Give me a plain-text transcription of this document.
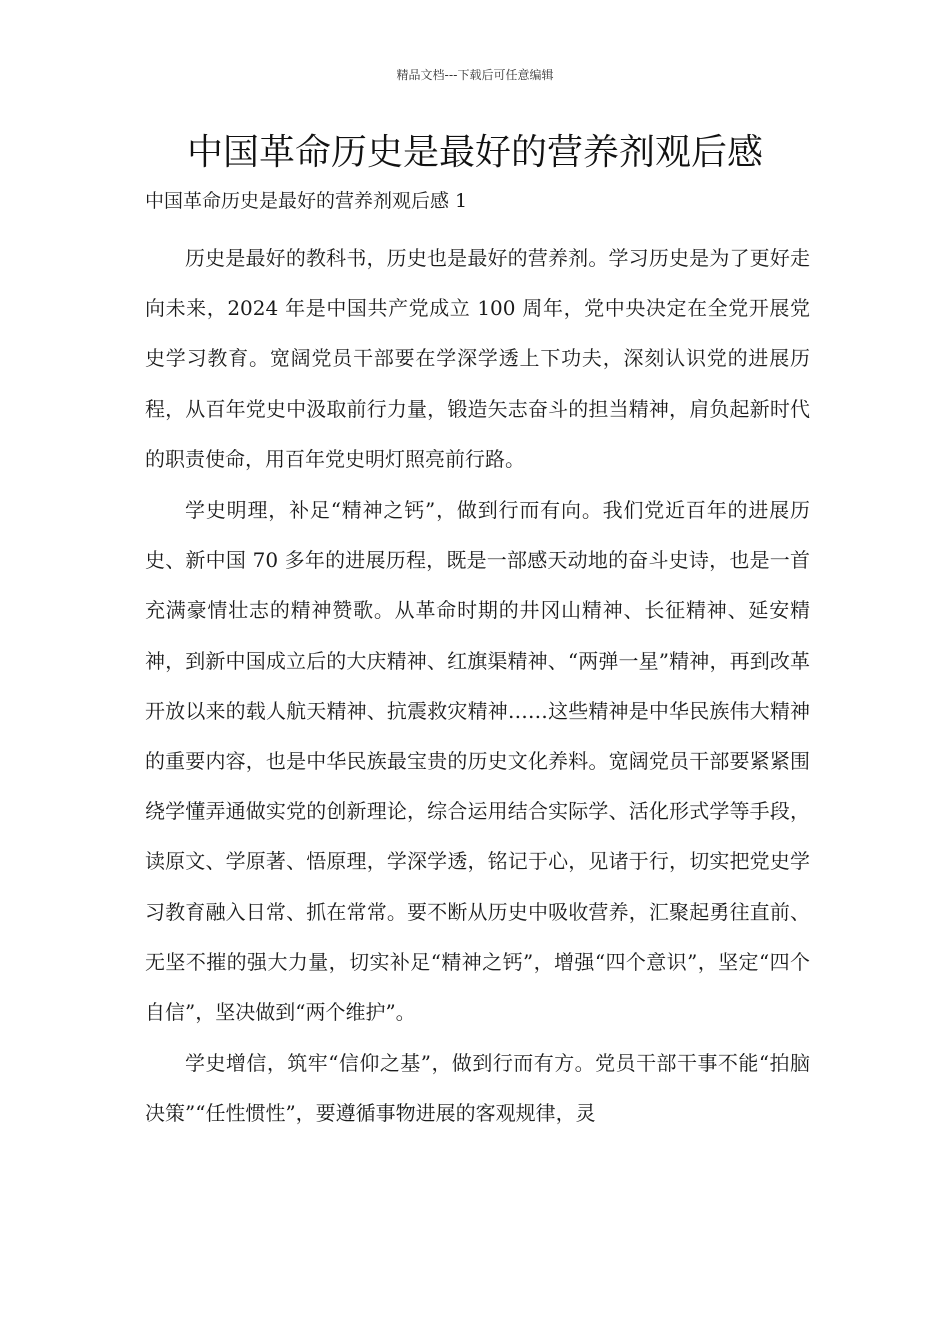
精品文档---下载后可任意编辑
中国革命历史是最好的营养剂观后感
中国革命历史是最好的营养剂观后感 1

历史是最好的教科书，历史也是最好的营养剂。学习历史是为了更好走向未来，2024 年是中国共产党成立 100 周年，党中央决定在全党开展党史学习教育。宽阔党员干部要在学深学透上下功夫，深刻认识党的进展历程，从百年党史中汲取前行力量，锻造矢志奋斗的担当精神，肩负起新时代的职责使命，用百年党史明灯照亮前行路。

学史明理，补足“精神之钙”，做到行而有向。我们党近百年的进展历史、新中国 70 多年的进展历程，既是一部感天动地的奋斗史诗，也是一首充满豪情壮志的精神赞歌。从革命时期的井冈山精神、长征精神、延安精神，到新中国成立后的大庆精神、红旗渠精神、“两弹一星”精神，再到改革开放以来的载人航天精神、抗震救灾精神……这些精神是中华民族伟大精神的重要内容，也是中华民族最宝贵的历史文化养料。宽阔党员干部要紧紧围绕学懂弄通做实党的创新理论，综合运用结合实际学、活化形式学等手段，读原文、学原著、悟原理，学深学透，铭记于心，见诸于行，切实把党史学习教育融入日常、抓在常常。要不断从历史中吸收营养，汇聚起勇往直前、无坚不摧的强大力量，切实补足“精神之钙”，增强“四个意识”，坚定“四个自信”，坚决做到“两个维护”。

学史增信，筑牢“信仰之基”，做到行而有方。党员干部干事不能“拍脑决策”“任性惯性”，要遵循事物进展的客观规律，灵
